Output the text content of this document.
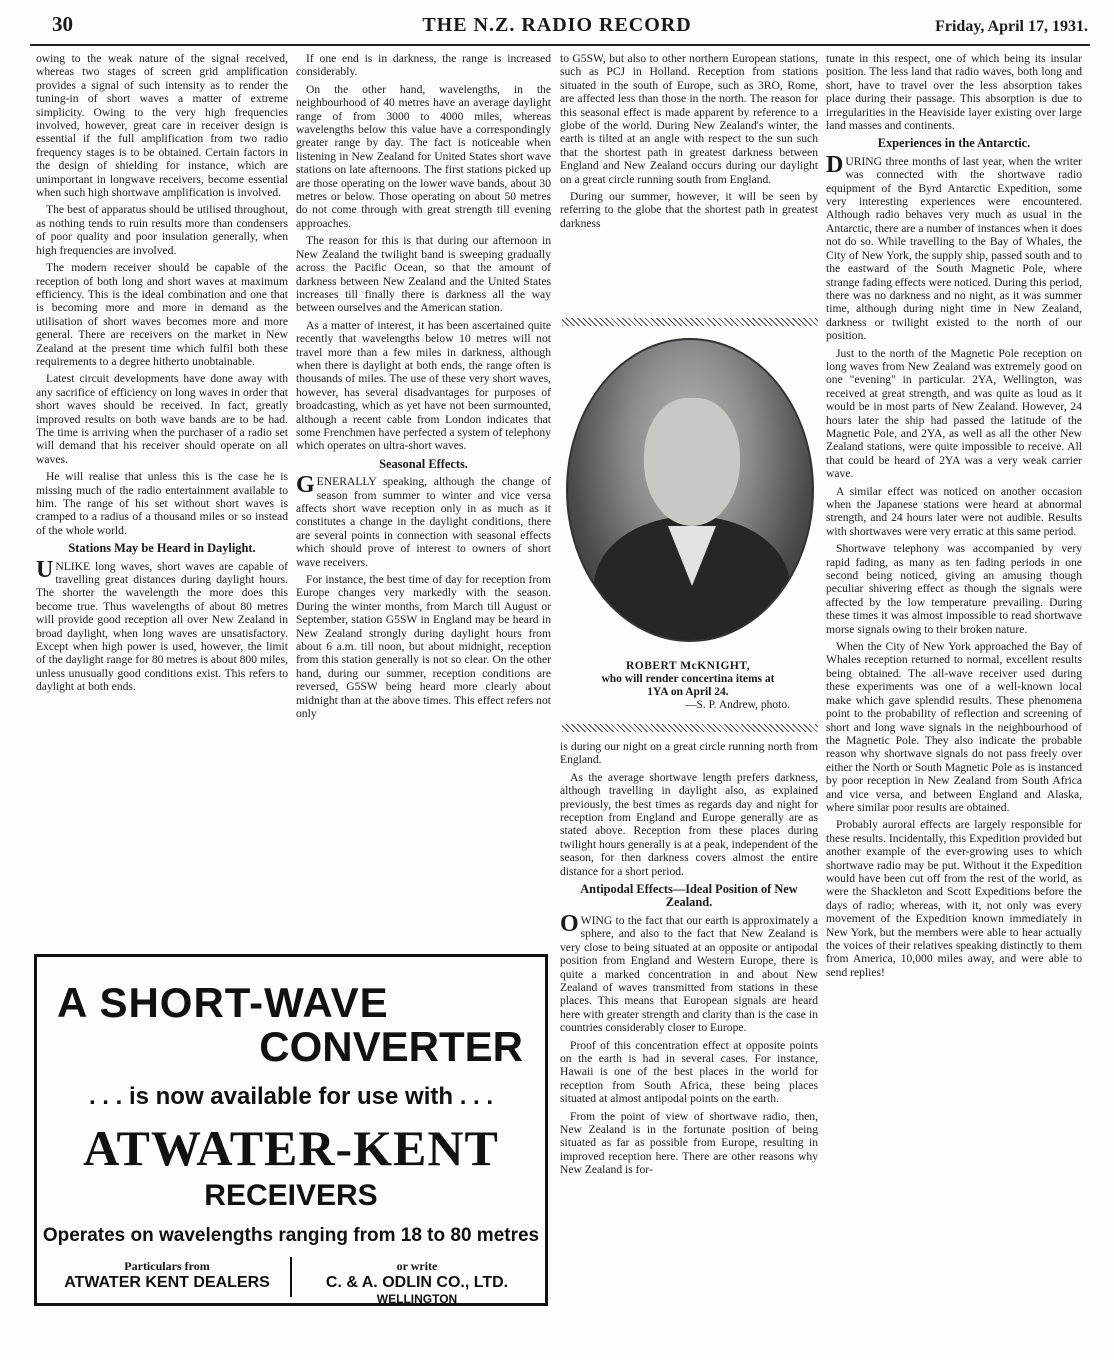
30	THE N.Z. RADIO RECORD	Friday, April 17, 1931.

owing to the weak nature of the signal received, whereas two stages of screen grid amplification provides a signal of such intensity as to render the tuning-in of short waves a matter of extreme simplicity. Owing to the very high frequencies involved, however, great care in receiver design is essential if the full amplification from two radio frequency stages is to be obtained. Certain factors in the design of shielding for instance, which are unimportant in longwave receivers, become essential when such high shortwave amplification is involved.

The best of apparatus should be utilised throughout, as nothing tends to ruin results more than condensers of poor quality and poor insulation generally, when high frequencies are involved.

The modern receiver should be capable of the reception of both long and short waves at maximum efficiency. This is the ideal combination and one that is becoming more and more in demand as the utilisation of short waves becomes more and more general. There are receivers on the market in New Zealand at the present time which fulfil both these requirements to a degree hitherto unobtainable.

Latest circuit developments have done away with any sacrifice of efficiency on long waves in order that short waves should be received. In fact, greatly improved results on both wave bands are to be had. The time is arriving when the purchaser of a radio set will demand that his receiver should operate on all waves.

He will realise that unless this is the case he is missing much of the radio entertainment available to him. The range of his set without short waves is cramped to a radius of a thousand miles or so instead of the whole world.

Stations May be Heard in Daylight.

UNLIKE long waves, short waves are capable of travelling great distances during daylight hours. The shorter the wavelength the more does this become true. Thus wavelengths of about 80 metres will provide good reception all over New Zealand in broad daylight, when long waves are unsatisfactory. Except when high power is used, however, the limit of the daylight range for 80 metres is about 800 miles, unless unusually good conditions exist. This refers to daylight at both ends.

If one end is in darkness, the range is increased considerably.

On the other hand, wavelengths, in the neighbourhood of 40 metres have an average daylight range of from 3000 to 4000 miles, whereas wavelengths below this value have a correspondingly greater range by day. The fact is noticeable when listening in New Zealand for United States short wave stations on late afternoons. The first stations picked up are those operating on the lower wave bands, about 30 metres or below. Those operating on about 50 metres do not come through with great strength till evening approaches.

The reason for this is that during our afternoon in New Zealand the twilight band is sweeping gradually across the Pacific Ocean, so that the amount of darkness between New Zealand and the United States increases till finally there is darkness all the way between ourselves and the American station.

As a matter of interest, it has been ascertained quite recently that wavelengths below 10 metres will not travel more than a few miles in darkness, although when there is daylight at both ends, the range often is thousands of miles. The use of these very short waves, however, has several disadvantages for purposes of broadcasting, which as yet have not been surmounted, although a recent cable from London indicates that some Frenchmen have perfected a system of telephony which operates on ultra-short waves.

Seasonal Effects.

GENERALLY speaking, although the change of season from summer to winter and vice versa affects short wave reception only in as much as it constitutes a change in the daylight conditions, there are several points in connection with seasonal effects which should prove of interest to owners of short wave receivers.

For instance, the best time of day for reception from Europe changes very markedly with the season. During the winter months, from March till August or September, station G5SW in England may be heard in New Zealand strongly during daylight hours from about 6 a.m. till noon, but about midnight, reception from this station generally is not so clear. On the other hand, during our summer, reception conditions are reversed, G5SW being heard more clearly about midnight than at the above times. This effect refers not only

to G5SW, but also to other northern European stations, such as PCJ in Holland. Reception from stations situated in the south of Europe, such as 3RO, Rome, are affected less than those in the north. The reason for this seasonal effect is made apparent by reference to a globe of the world. During New Zealand's winter, the earth is tilted at an angle with respect to the sun such that the shortest path in greatest darkness between England and New Zealand occurs during our daylight on a great circle running south from England.

During our summer, however, it will be seen by referring to the globe that the shortest path in greatest darkness

ROBERT McKNIGHT,
who will render concertina items at
1YA on April 24.
—S. P. Andrew, photo.

is during our night on a great circle running north from England.

As the average shortwave length prefers darkness, although travelling in daylight also, as explained previously, the best times as regards day and night for reception from England and Europe generally are as stated above. Reception from these places during twilight hours generally is at a peak, independent of the season, for then darkness covers almost the entire distance for a short period.

Antipodal Effects—Ideal Position of New Zealand.

OWING to the fact that our earth is approximately a sphere, and also to the fact that New Zealand is very close to being situated at an opposite or antipodal position from England and Western Europe, there is quite a marked concentration in and about New Zealand of waves transmitted from stations in these places. This means that European signals are heard here with greater strength and clarity than is the case in countries considerably closer to Europe.

Proof of this concentration effect at opposite points on the earth is had in several cases. For instance, Hawaii is one of the best places in the world for reception from South Africa, these being places situated at almost antipodal points on the earth.

From the point of view of shortwave radio, then, New Zealand is in the fortunate position of being situated as far as possible from Europe, resulting in improved reception here. There are other reasons why New Zealand is for-

tunate in this respect, one of which being its insular position. The less land that radio waves, both long and short, have to travel over the less absorption takes place during their passage. This absorption is due to irregularities in the Heaviside layer existing over large land masses and continents.

Experiences in the Antarctic.

DURING three months of last year, when the writer was connected with the shortwave radio equipment of the Byrd Antarctic Expedition, some very interesting experiences were encountered. Although radio behaves very much as usual in the Antarctic, there are a number of instances when it does not do so. While travelling to the Bay of Whales, the City of New York, the supply ship, passed south and to the eastward of the South Magnetic Pole, where strange fading effects were noticed. During this period, there was no darkness and no night, as it was summer time, although during night time in New Zealand, darkness or twilight existed to the north of our position.

Just to the north of the Magnetic Pole reception on long waves from New Zealand was extremely good on one "evening" in particular. 2YA, Wellington, was received at great strength, and was quite as loud as it would be in most parts of New Zealand. However, 24 hours later the ship had passed the latitude of the Magnetic Pole, and 2YA, as well as all the other New Zealand stations, were quite impossible to receive. All that could be heard of 2YA was a very weak carrier wave.

A similar effect was noticed on another occasion when the Japanese stations were heard at abnormal strength, and 24 hours later were not audible. Results with shortwaves were very erratic at this same period.

Shortwave telephony was accompanied by very rapid fading, as many as ten fading periods in one second being noticed, giving an amusing though peculiar shivering effect as though the signals were affected by the low temperature prevailing. During these times it was almost impossible to read shortwave morse signals owing to their broken nature.

When the City of New York approached the Bay of Whales reception returned to normal, excellent results being obtained. The all-wave receiver used during these experiments was one of a well-known local make which gave splendid results. These phenomena point to the probability of reflection and screening of short and long wave signals in the neighbourhood of the Magnetic Pole. They also indicate the probable reason why shortwave signals do not pass freely over either the North or South Magnetic Pole as is instanced by poor reception in New Zealand from South Africa and vice versa, and between England and Alaska, where similar poor results are obtained.

Probably auroral effects are largely responsible for these results. Incidentally, this Expedition provided but another example of the ever-growing uses to which shortwave radio may be put. Without it the Expedition would have been cut off from the rest of the world, as were the Shackleton and Scott Expeditions before the days of radio; whereas, with it, not only was every movement of the Expedition known immediately in New York, but the members were able to hear actually the voices of their relatives speaking distinctly to them from America, 10,000 miles away, and were able to send replies!

A SHORT-WAVE
CONVERTER
. . . is now available for use with . . .
ATWATER-KENT
RECEIVERS
Operates on wavelengths ranging from 18 to 80 metres
Particulars from
ATWATER KENT DEALERS
or write
C. & A. ODLIN CO., LTD.
WELLINGTON
